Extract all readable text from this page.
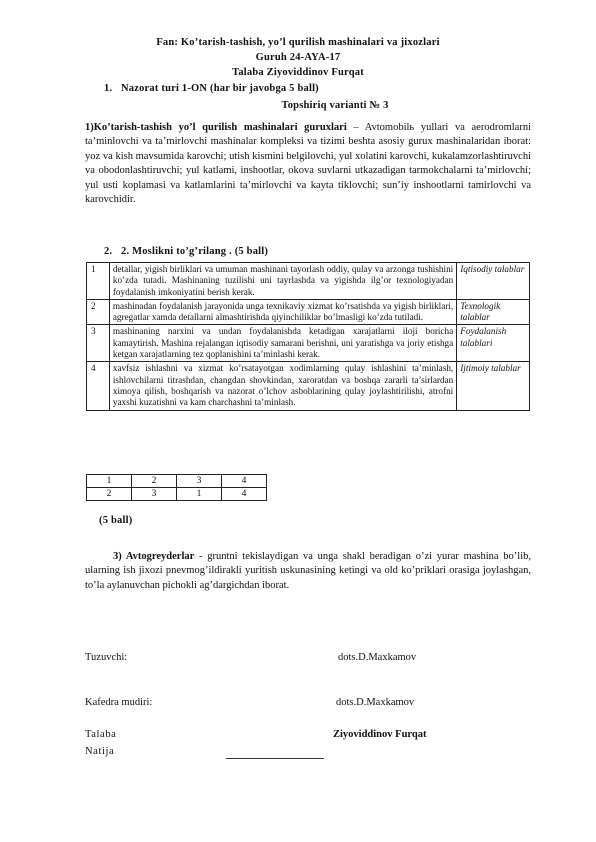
Fan: Ko’tarish-tashish, yo’l qurilish mashinalari va jixozlari
Guruh 24-AYA-17
Talaba Ziyoviddinov Furqat
1. Nazorat turi 1-ON (har bir javobga 5 ball)
Topshiriq varianti № 3
1)Ko’tarish-tashish yo’l qurilish mashinalari guruxlari – Avtomobilь yullari va aerodromlarni ta’minlovchi va ta’mirlovchi mashinalar kompleksi va tizimi beshta asosiy gurux mashinalaridan iborat: yoz va kish mavsumida karovchi; utish kismini belgilovchi, yul xolatini karovchi, kukalamzorlashtiruvchi va obodonlashtiruvchi; yul katlami, inshootlar, okova suvlarni utkazadigan tarmokchalarni ta’mirlovchi; yul usti koplamasi va katlamlarini ta’mirlovchi va kayta tiklovchi; sun’iy inshootlarni tamirlovchi va karovchidir.
2. 2. Moslikni to’g’rilang . (5 ball)
1	detallar, yigish birliklari va umuman mashinani tayorlash oddiy, qulay va arzonga tushishini ko’zda tutadi. Mashinaning tuzilishi uni tayrlashda va yigishda ilg’or texnologiyadan foydalanish imkoniyatini berish kerak.	Iqtisodiy talablar
2	mashinadan foydalanish jarayonida unga texnikaviy xizmat ko’rsatishda va yigish birliklari, agregatlar xamda detallarni almashtirishda qiyinchiliklar bo’lmasligi ko’zda tutiladi.	Texnologik talablar
3	mashinaning narxini va undan foydalanishda ketadigan xarajatlarni iloji boricha kamaytirish. Mashina rejalangan iqtisodiy samarani berishni, uni yaratishga va joriy etishga ketgan xarajatlarning tez qoplanishini ta’minlashi kerak.	Foydalanish talablari
4	xavfsiz ishlashni va xizmat ko’rsatayotgan xodimlarning qulay ishlashini ta’minlash, ishlovchilarni titrashdan, changdan shovkindan, xaroratdan va boshqa zararli ta’sirlardan ximoya qilish, boshqarish va nazorat o’lchov asboblarining qulay joylashtirilishi, atrofni yaxshi kuzatishni va kam charchashni ta’minlash.	Ijtimoiy talablar
1	2	3	4
2	3	1	4
(5 ball)
3) Avtogreyderlar - gruntni tekislaydigan va unga shakl beradigan o’zi yurar mashina bo’lib, ularning ish jixozi pnevmog’ildirakli yuritish uskunasining ketingi va old ko’priklari orasiga joylashgan, to’la aylanuvchan pichokli ag’dargichdan iborat.
Tuzuvchi:	dots.D.Maxkamov
Kafedra mudiri:	dots.D.Maxkamov
Talaba	Ziyoviddinov Furqat
Natija
